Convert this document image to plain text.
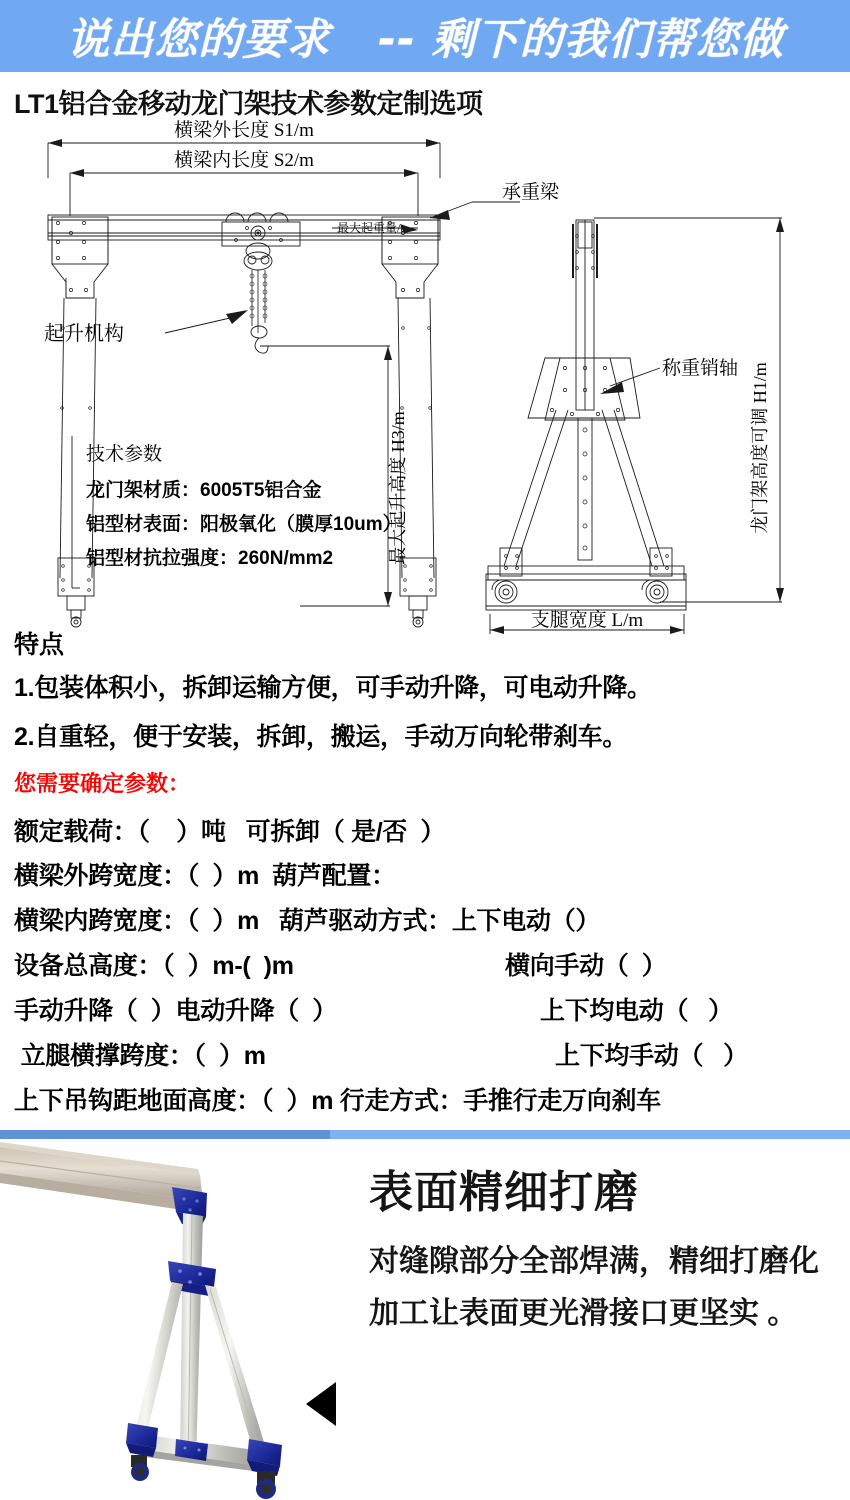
说出您的要求   -- 剩下的我们帮您做
LT1铝合金移动龙门架技术参数定制选项
横梁外长度 S1/m
横梁内长度 S2/m
最大起重量/t
承重梁
起升机构
最大起升高度 H3/m
称重销轴 龙门架高度可调 H1/m
支腿宽度 L/m
技术参数
龙门架材质：6005T5铝合金
铝型材表面：阳极氧化（膜厚10um）
铝型材抗拉强度：260N/mm2
特点
1.包装体积小，拆卸运输方便，可手动升降，可电动升降。
2.自重轻，便于安装，拆卸，搬运，手动万向轮带刹车。
您需要确定参数：
额定载荷：（    ）吨   可拆卸（ 是/否  ）
横梁外跨宽度：（  ）m  葫芦配置：
横梁内跨宽度：（  ）m   葫芦驱动方式：上下电动（）
设备总高度：（  ）m-(  )m
手动升降（  ）电动升降（  ）
立腿横撑跨度：（  ）m
上下吊钩距地面高度：（  ）m 行走方式：手推行走万向刹车
横向手动（  ）
上下均电动（   ）
上下均手动（   ）
表面精细打磨
对缝隙部分全部焊满，精细打磨化
加工让表面更光滑接口更坚实 。
